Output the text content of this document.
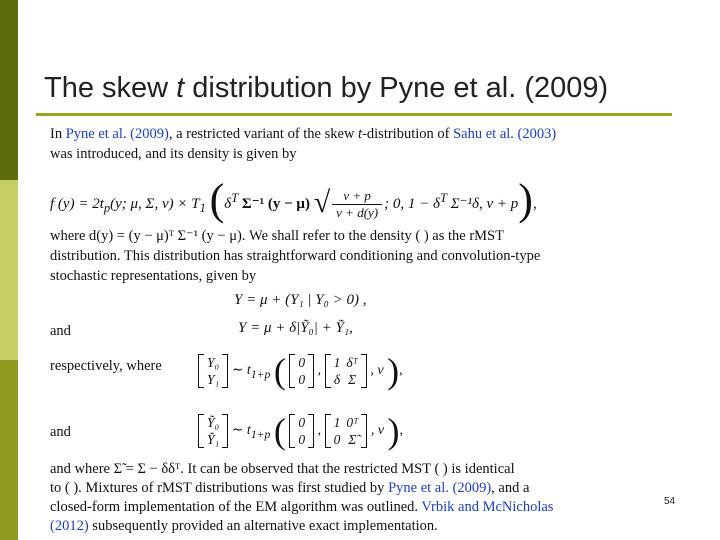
The skew t distribution by Pyne et al. (2009)
In Pyne et al. (2009), a restricted variant of the skew t-distribution of Sahu et al. (2003)
was introduced, and its density is given by
f $(y) = 2t_p(y$; μ, Σ, $\nu) \times T_1$ ($\delta^T$ Σ⁻¹ (y − μ) √ $\frac{\nu + p}{\nu + d(y)}$ ; 0, $1 - \delta^T$ Σ⁻¹δ, ν + p),
where d(y) = (y − μ)ᵀ Σ⁻¹ (y − μ). We shall refer to the density ( ) as the rMST
distribution. This distribution has straightforward conditioning and convolution-type
stochastic representations, given by
Y = μ + (Y₁ | Y₀ > 0) ,
and	Y = μ + δ|Ỹ₀| + Ỹ₁,
respectively, where	Y₀
Y₁
∼ $t_{1+p}$ ( 0
0
,
1	δᵀ
δ	Σ
, ν ),
and
Ỹ₀
Ỹ₁
∼ $t_{1+p}$ ( 0
0
,
1	0ᵀ
0	Σ̃
, ν ),
and where Σ̃ = Σ − δδᵀ. It can be observed that the restricted MST ( ) is identical
to ( ). Mixtures of rMST distributions was first studied by Pyne et al. (2009), and a
closed-form implementation of the EM algorithm was outlined. Vrbik and McNicholas
(2012) subsequently provided an alternative exact implementation.
54
